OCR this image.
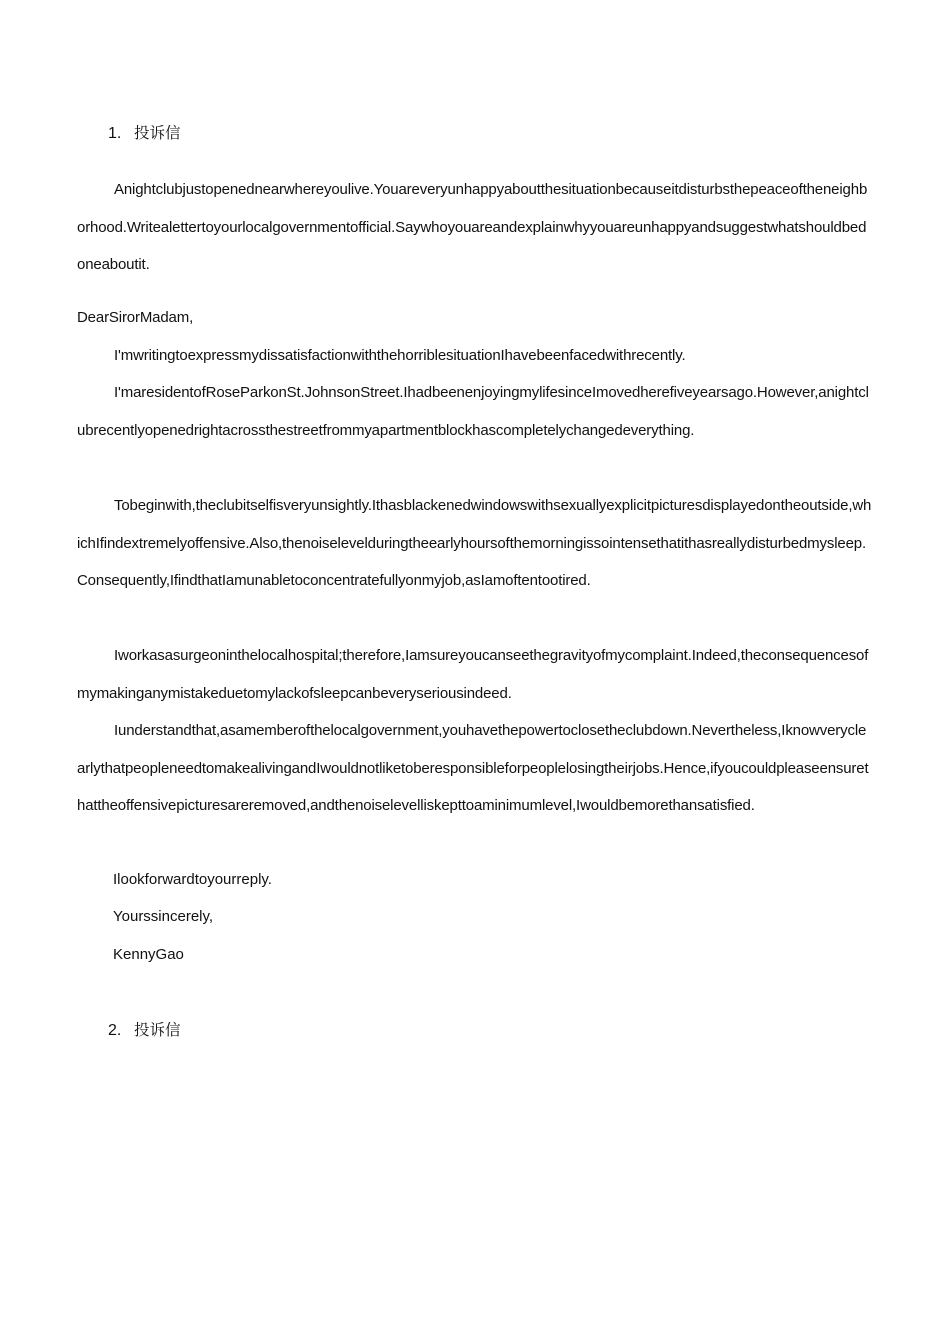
1. 投诉信
Anightclubjustopenednearwhereyoulive.Youareveryunhappyaboutthesituationbecauseitdisturbsthepeaceoftheneighborhood.Writealettertoyourlocalgovernmentofficial.Saywhoyouareandexplainwhyyouareunhappyandsuggestwhatshouldbedoneaboutit.
DearSirorMadam,
I'mwritingtoexpressmydissatisfactionwiththehorriblesituationIhavebeenfacedwithrecently.
I'maresidentofRoseParkonSt.JohnsonStreet.IhadbeenenjoyingmylifesinceImovedherefiveyearsago.However,anightclubrecentlyopenedrightacrossthestreetfrommyapartmentblockhascompletelychangedeverything.
Tobeginwith,theclubitselfisveryunsightly.Ithasblackenedwindowswithsexuallyexplicitpicturesdisplayedontheoutside,whichIfindextremelyoffensive.Also,thenoiselevelduringtheearlyhoursofthemorningissointensethatithasreallydisturbedmysleep.Consequently,IfindthatIamunabletoconcentratefullyonmyjob,asIamoftentootired.
Iworkasasurgeoninthelocalhospital;therefore,Iamsureyoucanseethegravityofmycomplaint.Indeed,theconsequencesofmymakinganymistakeduetomylackofsleepcanbeveryseriousindeed.
Iunderstandthat,asamemberofthelocalgovernment,youhavethepowertoclosetheclubdown.Nevertheless,IknowveryclearlythatpeopleneedtomakealivingandIwouldnotliketoberesponsibleforpeoplelosingtheirjobs.Hence,ifyoucouldpleaseensurethattheoffensivepicturesareremoved,andthenoiselevelliskepttoaminimumlevel,Iwouldbemorethansatisfied.
Ilookforwardtoyourreply.
Yourssincerely,
KennyGao
2. 投诉信
